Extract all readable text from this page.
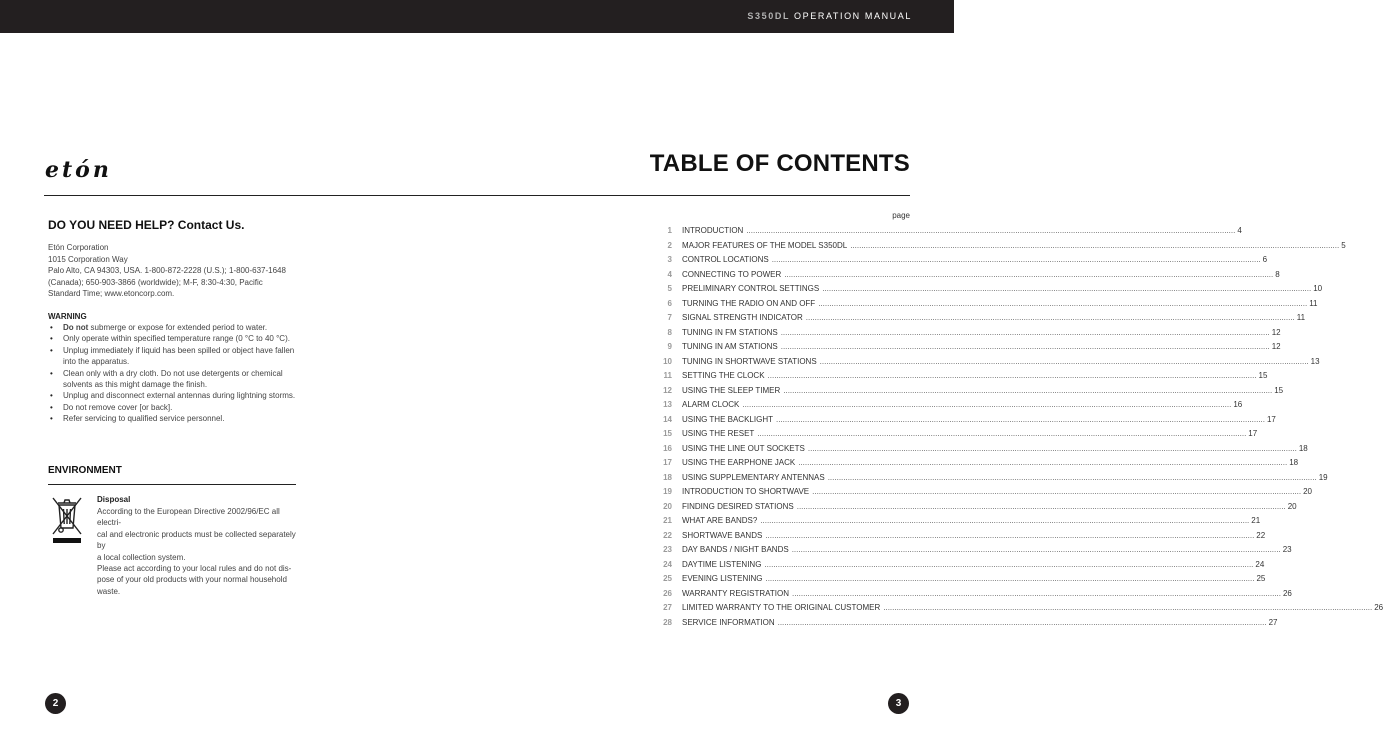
S350DL OPERATION MANUAL
etón	TABLE OF CONTENTS
DO YOU NEED HELP? Contact Us.
Etón Corporation
1015 Corporation Way
Palo Alto, CA 94303, USA. 1-800-872-2228 (U.S.); 1-800-637-1648
(Canada); 650-903-3866 (worldwide); M-F, 8:30-4:30, Pacific
Standard Time; www.etoncorp.com.
WARNING
• Do not submerge or expose for extended period to water.
• Only operate within specified temperature range (0 °C to 40 °C).
• Unplug immediately if liquid has been spilled or object have fallen into the apparatus.
• Clean only with a dry cloth. Do not use detergents or chemical solvents as this might damage the finish.
• Unplug and disconnect external antennas during lightning storms.
• Do not remove cover [or back].
• Refer servicing to qualified service personnel.
ENVIRONMENT
Disposal
According to the European Directive 2002/96/EC all electri-
cal and electronic products must be collected separately by
a local collection system.
Please act according to your local rules and do not dis-
pose of your old products with your normal household
waste.
page
1 INTRODUCTION ............................................................................................................................................................................................................................ 4
2 MAJOR FEATURES OF THE MODEL S350DL ............................................................................................................................................................................................................................ 5
3 CONTROL LOCATIONS ............................................................................................................................................................................................................................ 6
4 CONNECTING TO POWER ............................................................................................................................................................................................................................ 8
5 PRELIMINARY CONTROL SETTINGS ............................................................................................................................................................................................................................ 10
6 TURNING THE RADIO ON AND OFF ............................................................................................................................................................................................................................ 11
7 SIGNAL STRENGTH INDICATOR ............................................................................................................................................................................................................................ 11
8 TUNING IN FM STATIONS ............................................................................................................................................................................................................................ 12
9 TUNING IN AM STATIONS ............................................................................................................................................................................................................................ 12
10 TUNING IN SHORTWAVE STATIONS ............................................................................................................................................................................................................................ 13
11 SETTING THE CLOCK ............................................................................................................................................................................................................................ 15
12 USING THE SLEEP TIMER ............................................................................................................................................................................................................................ 15
13 ALARM CLOCK ............................................................................................................................................................................................................................ 16
14 USING THE BACKLIGHT ............................................................................................................................................................................................................................ 17
15 USING THE RESET ............................................................................................................................................................................................................................ 17
16 USING THE LINE OUT SOCKETS ............................................................................................................................................................................................................................ 18
17 USING THE EARPHONE JACK ............................................................................................................................................................................................................................ 18
18 USING SUPPLEMENTARY ANTENNAS ............................................................................................................................................................................................................................ 19
19 INTRODUCTION TO SHORTWAVE ............................................................................................................................................................................................................................ 20
20 FINDING DESIRED STATIONS ............................................................................................................................................................................................................................ 20
21 WHAT ARE BANDS? ............................................................................................................................................................................................................................ 21
22 SHORTWAVE BANDS ............................................................................................................................................................................................................................ 22
23 DAY BANDS / NIGHT BANDS ............................................................................................................................................................................................................................ 23
24 DAYTIME LISTENING ............................................................................................................................................................................................................................ 24
25 EVENING LISTENING ............................................................................................................................................................................................................................ 25
26 WARRANTY REGISTRATION ............................................................................................................................................................................................................................ 26
27 LIMITED WARRANTY TO THE ORIGINAL CUSTOMER ............................................................................................................................................................................................................................ 26
28 SERVICE INFORMATION ............................................................................................................................................................................................................................ 27
2	3
